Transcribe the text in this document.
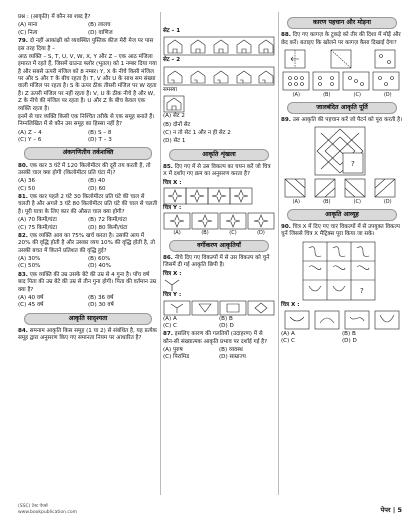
प्रश्न : (आकृति) में कौन सा शब्द है?

(A) माना	(B) लालच
(C) नित्य	(D) वाणिज

79. दो नहीं आकांक्षी को व्यवस्थित पुस्तिक कीज मेरी मेज पर पास इस तरह दिया है –

आठ व्यक्ति – S, T, U, V, W, X, Y और Z – एक आठ मंजिला इमारत में रहते हैं, जिसमें ग्राउन्ड फ्लोर (भूतल) को 1 नम्बर दिया गया है और सबसे ऊपरी मंजिल को 8 नम्बर। Y, X के नीचे किसी मंजिल पर और S और T के बीच रहता है। T, V और U के साथ सम संख्या वाली मंजिल पर रहता है। S के ऊपर ठीक तीसरी मंजिल पर W रहता है। Z ऊपरी मंजिल पर नहीं रहता है। V, U के ठीक नीचे है और W, Z के नीचे की मंजिल पर रहता है। U और Z के बीच केवल एक व्यक्ति रहता है।

इनमें से चार व्यक्ति किसी एक निश्चित तरीके से एक समूह बनाते हैं। निम्नलिखित में से कौन उस समूह का हिस्सा नहीं है?

(A) Z – 4	(B) S – 8
(C) Y – 6	(D) T – 3
अंकगणितीय तर्कशक्ति

80. एक कार 3 घंटे में 120 किलोमीटर की दूरी तय करती है, तो उसकी चाल क्या होगी (किलोमीटर प्रति घंटा में)?

(A) 36	(B) 40
(C) 50	(D) 60

81. एक कार पहले 2 घंटे 30 किलोमीटर प्रति घंटे की चाल से चलती है और अगले 3 घंटे 80 किलोमीटर प्रति घंटे की चाल से चलती है। पूरी यात्रा के लिए कार की औसत चाल क्या होगी?

(A) 70 किमी/घंटा	(B) 72 किमी/घंटा
(C) 75 किमी/घंटा	(D) 80 किमी/घंटा

82. एक व्यक्ति आय का 75% खर्च करता है। उसकी आय में 20% की वृद्धि होती है और उसका व्यय 10% की वृद्धि होती है, तो उसकी बचत में कितने प्रतिशत की वृद्धि हुई?

(A) 30%	(B) 60%
(C) 50%	(D) 40%

83. एक व्यक्ति की उम्र उसके बेटे की उम्र से 4 गुना है। पाँच वर्ष बाद पिता की उम्र बेटे की उम्र से तीन गुना होगी। पिता की वर्तमान उम्र क्या है?

(A) 40 वर्ष	(B) 36 वर्ष
(C) 45 वर्ष	(D) 30 वर्ष
आकृति सादृश्यता

84. समनाम आकृति किस समूह (1 या 2) से संबंधित है, यह प्रत्येक समूह द्वारा अनुसरण किए गए समानता नियम पर आधारित है?

सेट – 1
सेट – 2

समस्या

(A) सेट 2

(B) दोनों सेट

(C) न तो सेट 1 और न ही सेट 2

(D) सेट 1

आकृति शृंखला

85. दिए गए में से उस विकल्प का चयन करें जो चित्र X में दर्शाए गए क्रम का अनुसरण करता है?

चित्र X :
चित्र Y :
(A)	(B)	(C)	(D)
वर्गीकरण आकृतियाँ

86. नीचे दिए गए विकल्पों में से उस विकल्प को चुनें जिसमें दी गई आकृति छिपी है।

चित्र X :
चित्र Y :
(A) A	(B) B
(C) C	(D) D

87. इसलिए कारण की गलतियों (उदाहरण) में से कौन-सी संख्यात्मक आकृति प्रभाव पर दर्शाई गई है?

(A) पुरुष	(B) व्यवस्थ
(C) पिरामिड	(D) साम्राज्य
कारण पहचान और मोड़ना

88. दिए गए कागज़ के टुकड़े को तीर की दिशा में मोड़ें और छेद करें। बताइए कि खोलने पर कागज़ कैसा दिखाई देगा?

(A)	(B)	(C)	(D)
जालबंदित आकृति पूर्ति

89. उस आकृति की पहचान करें जो पैटर्न को पूरा करती है।

?
(A)	(B)	(C)	(D)
आकृति आव्यूह

90. चित्र X में दिए गए चार विकल्पों में से उपयुक्त विकल्प चुनें जिससे चित्र X मैट्रिक्स पूरा किया जा सके।

?
चित्र X :
(A) A	(B) B
(C) C	(D) D
(SSC) टेस्ट पेपर्स
www.bookpublication.com	पेपर | 5
